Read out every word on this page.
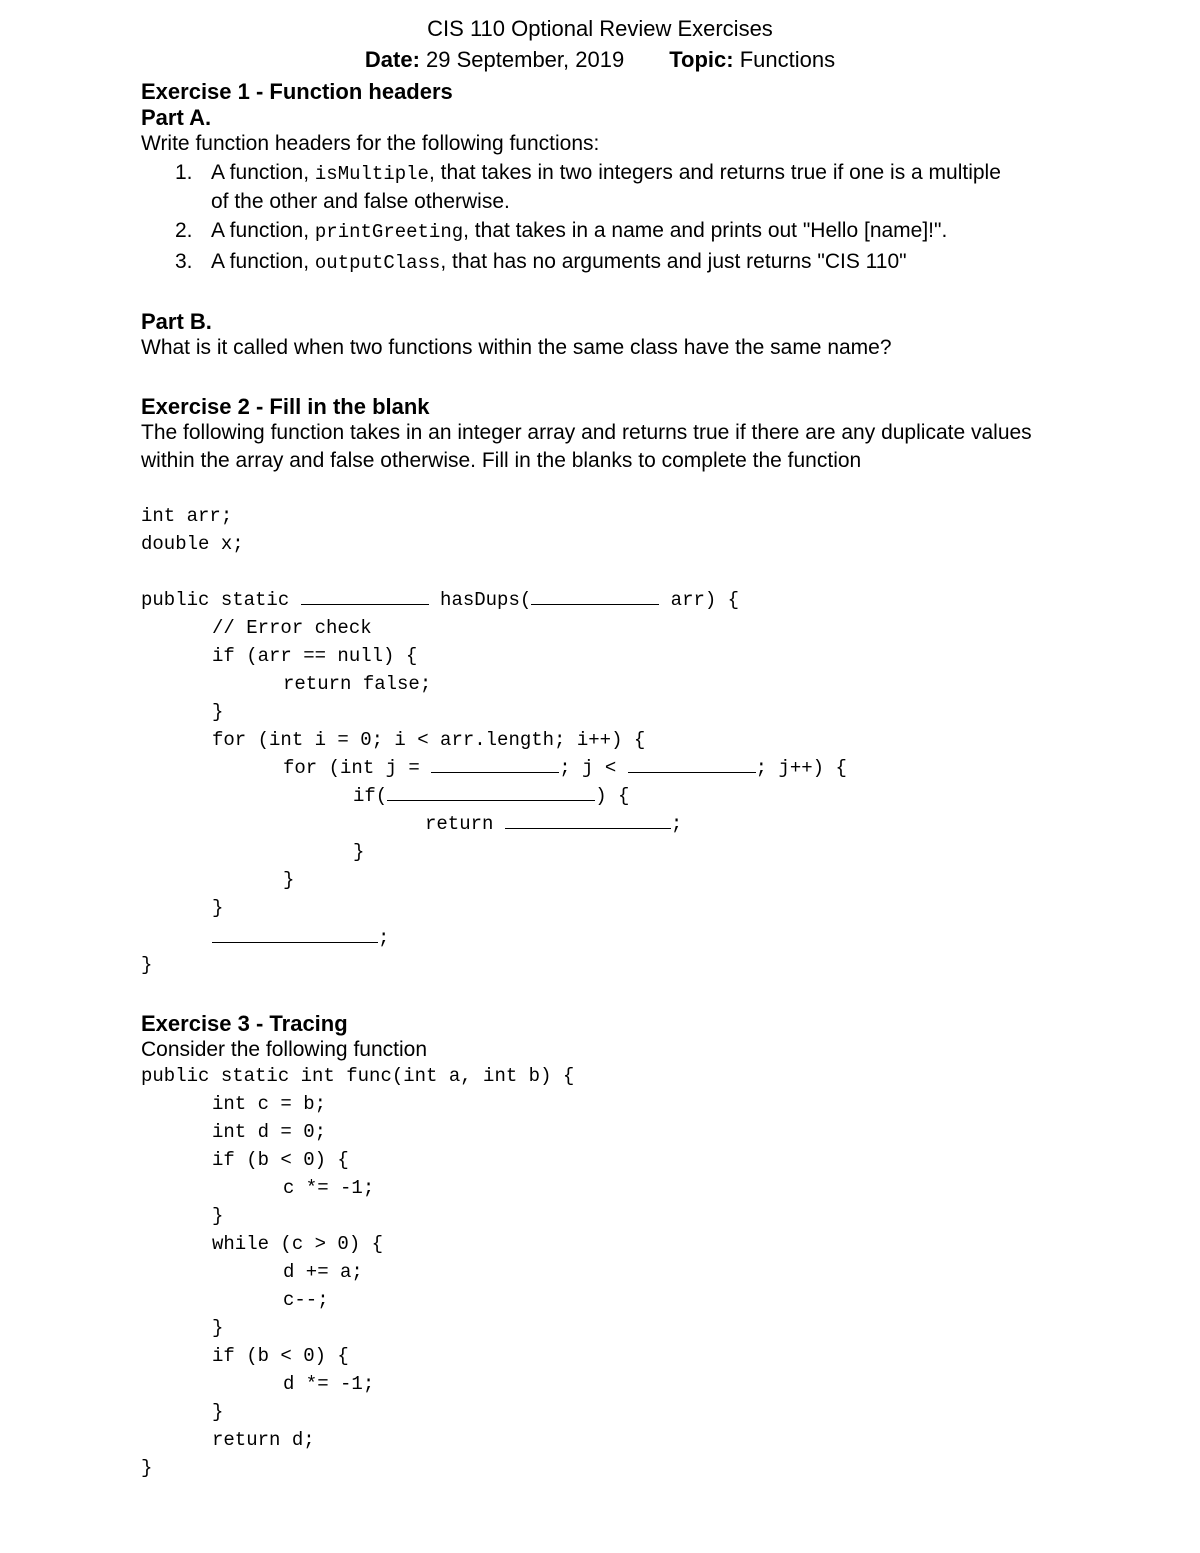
CIS 110 Optional Review Exercises
Date: 29 September, 2019 Topic: Functions
Exercise 1 - Function headers
Part A.
Write function headers for the following functions:
1. A function, isMultiple, that takes in two integers and returns true if one is a multiple
of the other and false otherwise.
2. A function, printGreeting, that takes in a name and prints out "Hello [name]!".
3. A function, outputClass, that has no arguments and just returns "CIS 110"
Part B.
What is it called when two functions within the same class have the same name?
Exercise 2 - Fill in the blank
The following function takes in an integer array and returns true if there are any duplicate values
within the array and false otherwise. Fill in the blanks to complete the function
int arr;
double x;
public static	hasDups(	arr) {
// Error check
if (arr == null) {
return false;
}
for (int i = 0; i < arr.length; i++) {
for (int j =	; j <	; j++) {
if(	) {
return	;
}
}
}
;
}
Exercise 3 - Tracing
Consider the following function
public static int func(int a, int b) {
int c = b;
int d = 0;
if (b < 0) {
c *= -1;
}
while (c > 0) {
d += a;
c--;
}
if (b < 0) {
d *= -1;
}
return d;
}
